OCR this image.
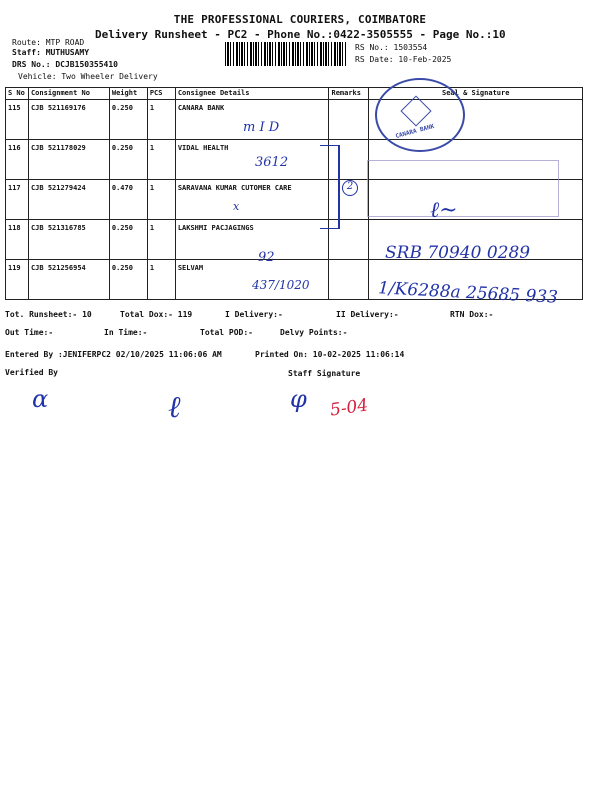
THE PROFESSIONAL COURIERS, COIMBATORE
Delivery Runsheet - PC2 - Phone No.:0422-3505555 - Page No.:10
Route: MTP ROAD
Staff: MUTHUSAMY
DRS No.: DCJB150355410
Vehicle: Two Wheeler Delivery
RS No.: 1503554
RS Date: 10-Feb-2025
S No	Consignment No	Weight	PCS	Consignee Details	Remarks	Seal & Signature
115	CJB 521169176	0.250	1	CANARA BANK		
116	CJB 521178029	0.250	1	VIDAL HEALTH		
117	CJB 521279424	0.470	1	SARAVANA KUMAR CUTOMER CARE		
118	CJB 521316785	0.250	1	LAKSHMI PACJAGINGS		
119	CJB 521256954	0.250	1	SELVAM		
CANARA BANK
m I D
3612
2
x	ℓ~
92
437/1020
SRB 70940 0289
1/K6288a 25685 933
Tot. Runsheet:- 10	Total Dox:- 119	I Delivery:-	II Delivery:-	RTN Dox:-
Out Time:-	In Time:-	Total POD:-	Delvy Points:-
Entered By :JENIFERPC2 02/10/2025 11:06:06 AM	Printed On: 10-02-2025 11:06:14
Verified By	Staff Signature
α	ℓ	φ 5-04
